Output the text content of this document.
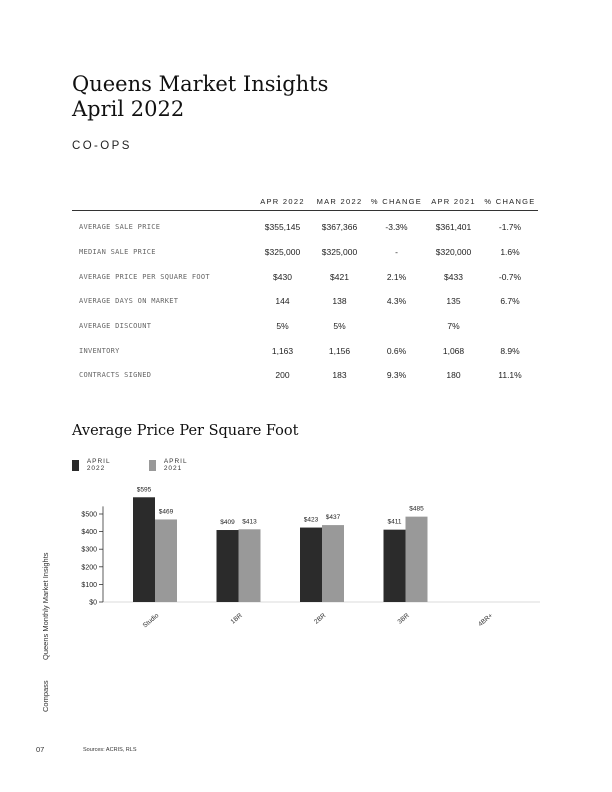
Queens Market Insights
April 2022
CO-OPS
	APR 2022	MAR 2022	% CHANGE	APR 2021	% CHANGE
AVERAGE SALE PRICE	$355,145	$367,366	-3.3%	$361,401	-1.7%
MEDIAN SALE PRICE	$325,000	$325,000	-	$320,000	1.6%
AVERAGE PRICE PER SQUARE FOOT	$430	$421	2.1%	$433	-0.7%
AVERAGE DAYS ON MARKET	144	138	4.3%	135	6.7%
AVERAGE DISCOUNT	5%	5%		7%	
INVENTORY	1,163	1,156	0.6%	1,068	8.9%
CONTRACTS SIGNED	200	183	9.3%	180	11.1%
Average Price Per Square Foot
APRIL 2022
APRIL 2021
$0
$100
$200
$300
$400
$500
$595
$469
Studio
$409 $413
1BR
$423 $437
2BR
$411
$485
3BR	4BR+
Queens Monthly Market Insights
Compass
07	Sources: ACRIS, RLS
